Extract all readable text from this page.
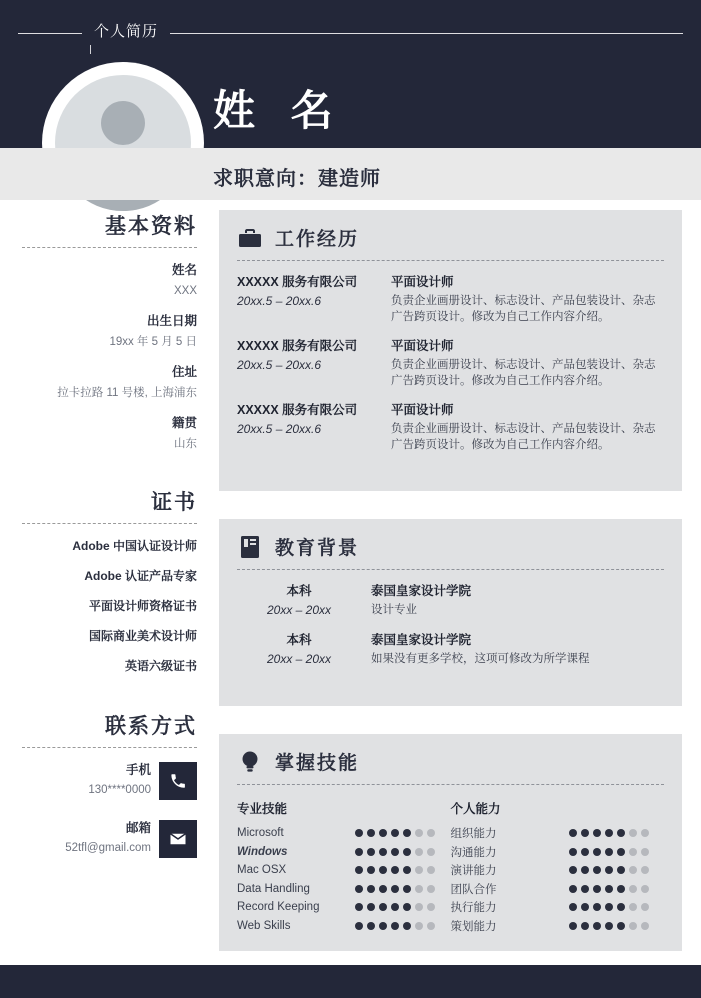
个人简历
姓 名
求职意向：建造师
基本资料
姓名
XXX
出生日期
19xx 年 5 月 5 日
住址
拉卡拉路 11 号楼, 上海浦东
籍贯
山东
证书
Adobe 中国认证设计师
Adobe 认证产品专家
平面设计师资格证书
国际商业美术设计师
英语六级证书
联系方式
手机
130****0000
邮箱
52tfl@gmail.com
工作经历
XXXXX 服务有限公司
20xx.5 – 20xx.6
平面设计师
负责企业画册设计、标志设计、产品包装设计、杂志广告跨页设计。修改为自己工作内容介绍。
XXXXX 服务有限公司
20xx.5 – 20xx.6
平面设计师
负责企业画册设计、标志设计、产品包装设计、杂志广告跨页设计。修改为自己工作内容介绍。
XXXXX 服务有限公司
20xx.5 – 20xx.6
平面设计师
负责企业画册设计、标志设计、产品包装设计、杂志广告跨页设计。修改为自己工作内容介绍。
教育背景
本科
20xx – 20xx
泰国皇家设计学院
设计专业
本科
20xx – 20xx
泰国皇家设计学院
如果没有更多学校，这项可修改为所学课程
掌握技能
专业技能
Microsoft
Windows
Mac OSX
Data Handling
Record Keeping
Web Skills
个人能力
组织能力
沟通能力
演讲能力
团队合作
执行能力
策划能力
